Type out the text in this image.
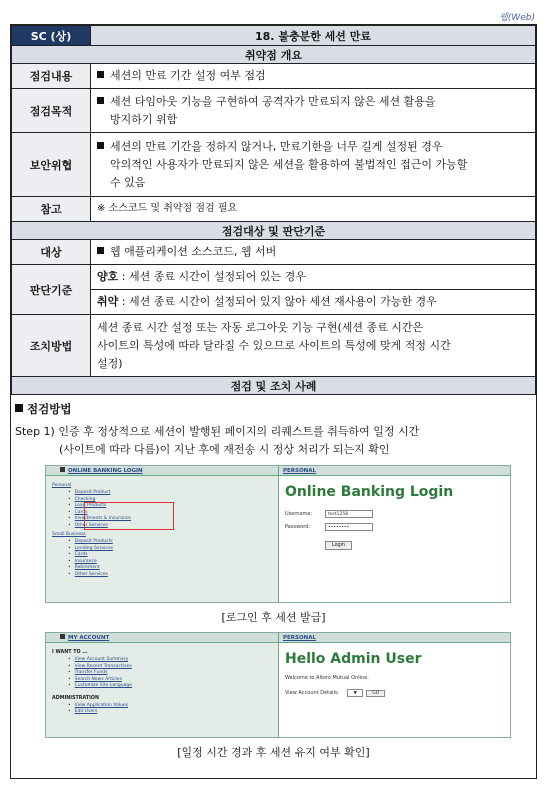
웹(Web)
SC (상)	18. 불충분한 세션 만료
취약점 개요	
점검내용	세션의 만료 기간 설정 여부 점검
점검목적	세션 타임아웃 기능을 구현하여 공격자가 만료되지 않은 세션 활용을
방지하기 위함

보안위협	세션의 만료 기간을 정하지 않거나, 만료기한을 너무 길게 설정된 경우
악의적인 사용자가 만료되지 않은 세션을 활용하여 불법적인 접근이 가능할
수 있음

참고	※ 소스코드 및 취약점 점검 필요
점검대상 및 판단기준	
대상	웹 애플리케이션 소스코드, 웹 서버
판단기준	양호 : 세션 종료 시간이 설정되어 있는 경우
	취약 : 세션 종료 시간이 설정되어 있지 않아 세션 재사용이 가능한 경우
조치방법	세션 종료 시간 설정 또는 자동 로그아웃 기능 구현(세션 종료 시간은
사이트의 특성에 따라 달라질 수 있으므로 사이트의 특성에 맞게 적정 시간
설정)

점검 및 조치 사례	
점검방법
Step 1) 인증 후 정상적으로 세션이 발행된 페이지의 리퀘스트를 취득하여 일정 시간
(사이트에 따라 다름)이 지난 후에 재전송 시 정상 처리가 되는지 확인
ONLINE BANKING LOGIN	PERSONAL
Personal
• Deposit Product
• Checking
• Loan Products
• Cards
• Investments & Insurance
• Other Services
Small Business
• Deposit Products
• Lending Services
• Cards
• Insurance
• Retirement
• Other Services
Online Banking Login
Username:	test1258
Password:	••••••••
Login
[로그인 후 세션 발급]
MY ACCOUNT	PERSONAL
I WANT TO ...
• View Account Summary
• View Recent Transactions
• Transfer Funds
• Search News Articles
• Customize Site Language
ADMINISTRATION
• View Application Values
• Edit Users
Hello Admin User
Welcome to Altoro Mutual Online.
View Account Details:	▼	GO
[일정 시간 경과 후 세션 유지 여부 확인]
